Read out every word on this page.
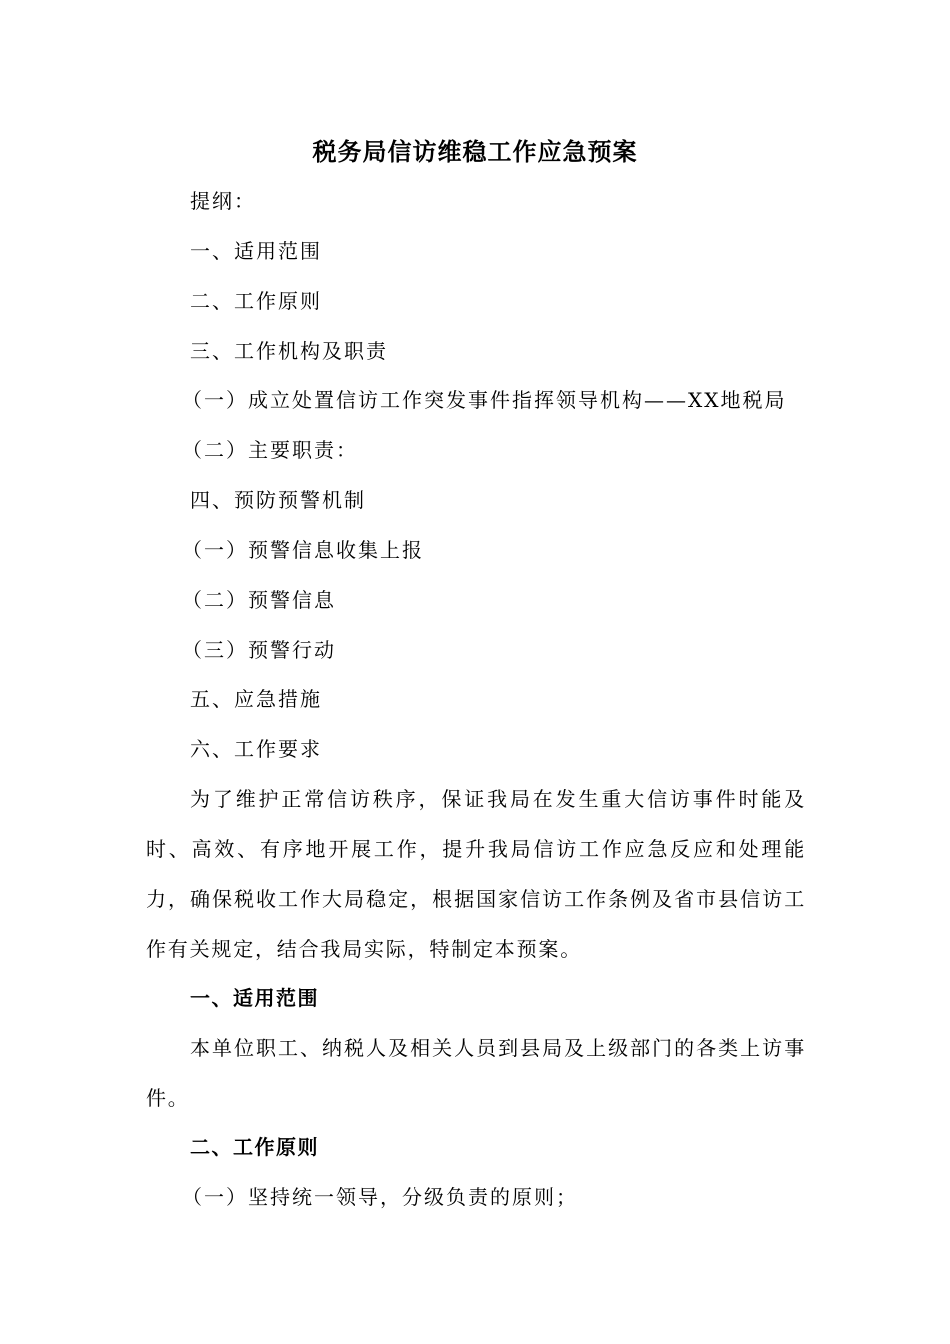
税务局信访维稳工作应急预案
提纲：
一、适用范围
二、工作原则
三、工作机构及职责
（一）成立处置信访工作突发事件指挥领导机构——XX地税局
（二）主要职责：
四、预防预警机制
（一）预警信息收集上报
（二）预警信息
（三）预警行动
五、应急措施
六、工作要求
为了维护正常信访秩序，保证我局在发生重大信访事件时能及时、高效、有序地开展工作，提升我局信访工作应急反应和处理能力，确保税收工作大局稳定，根据国家信访工作条例及省市县信访工作有关规定，结合我局实际，特制定本预案。
一、适用范围
本单位职工、纳税人及相关人员到县局及上级部门的各类上访事件。
二、工作原则
（一）坚持统一领导，分级负责的原则；
